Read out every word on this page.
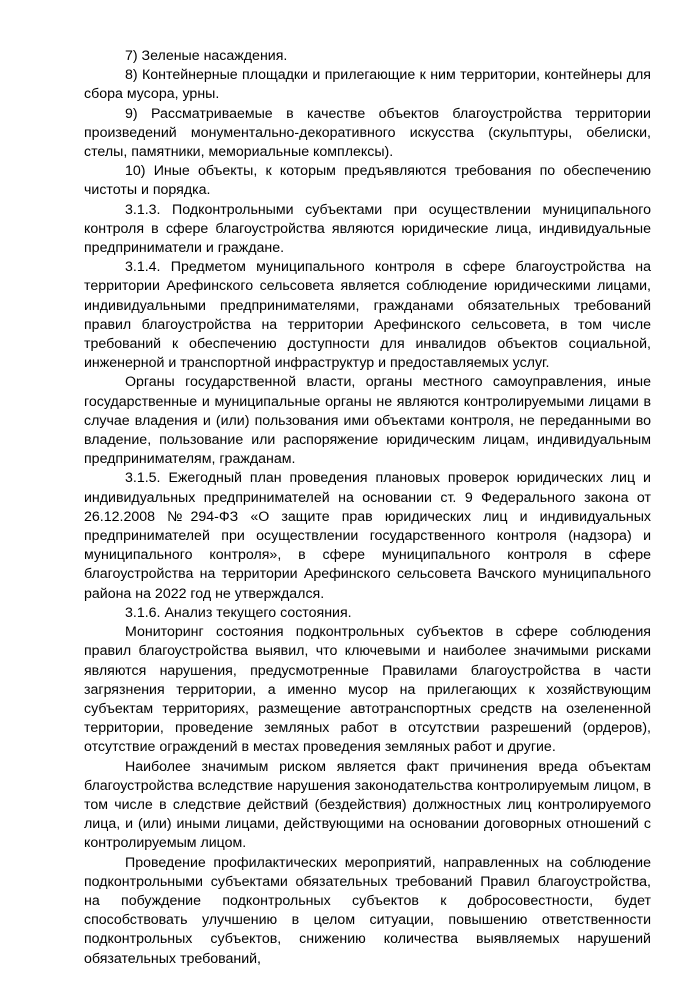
7) Зеленые насаждения.

8) Контейнерные площадки и прилегающие к ним территории, контейнеры для сбора мусора, урны.

9) Рассматриваемые в качестве объектов благоустройства территории произведений монументально-декоративного искусства (скульптуры, обелиски, стелы, памятники, мемориальные комплексы).

10) Иные объекты, к которым предъявляются требования по обеспечению чистоты и порядка.

3.1.3. Подконтрольными субъектами при осуществлении муниципального контроля в сфере благоустройства являются юридические лица, индивидуальные предприниматели и граждане.

3.1.4. Предметом муниципального контроля в сфере благоустройства на территории Арефинского сельсовета является соблюдение юридическими лицами, индивидуальными предпринимателями, гражданами обязательных требований правил благоустройства на территории Арефинского сельсовета, в том числе требований к обеспечению доступности для инвалидов объектов социальной, инженерной и транспортной инфраструктур и предоставляемых услуг.

Органы государственной власти, органы местного самоуправления, иные государственные и муниципальные органы не являются контролируемыми лицами в случае владения и (или) пользования ими объектами контроля, не переданными во владение, пользование или распоряжение юридическим лицам, индивидуальным предпринимателям, гражданам.

3.1.5. Ежегодный план проведения плановых проверок юридических лиц и индивидуальных предпринимателей на основании ст. 9 Федерального закона от 26.12.2008 №294-ФЗ «О защите прав юридических лиц и индивидуальных предпринимателей при осуществлении государственного контроля (надзора) и муниципального контроля», в сфере муниципального контроля в сфере благоустройства на территории Арефинского сельсовета Вачского муниципального района на 2022 год не утверждался.

3.1.6. Анализ текущего состояния.

Мониторинг состояния подконтрольных субъектов в сфере соблюдения правил благоустройства выявил, что ключевыми и наиболее значимыми рисками являются нарушения, предусмотренные Правилами благоустройства в части загрязнения территории, а именно мусор на прилегающих к хозяйствующим субъектам территориях, размещение автотранспортных средств на озелененной территории, проведение земляных работ в отсутствии разрешений (ордеров), отсутствие ограждений в местах проведения земляных работ и другие.

Наиболее значимым риском является факт причинения вреда объектам благоустройства вследствие нарушения законодательства контролируемым лицом, в том числе в следствие действий (бездействия) должностных лиц контролируемого лица, и (или) иными лицами, действующими на основании договорных отношений с контролируемым лицом.

Проведение профилактических мероприятий, направленных на соблюдение подконтрольными субъектами обязательных требований Правил благоустройства, на побуждение подконтрольных субъектов к добросовестности, будет способствовать улучшению в целом ситуации, повышению ответственности подконтрольных субъектов, снижению количества выявляемых нарушений обязательных требований,
